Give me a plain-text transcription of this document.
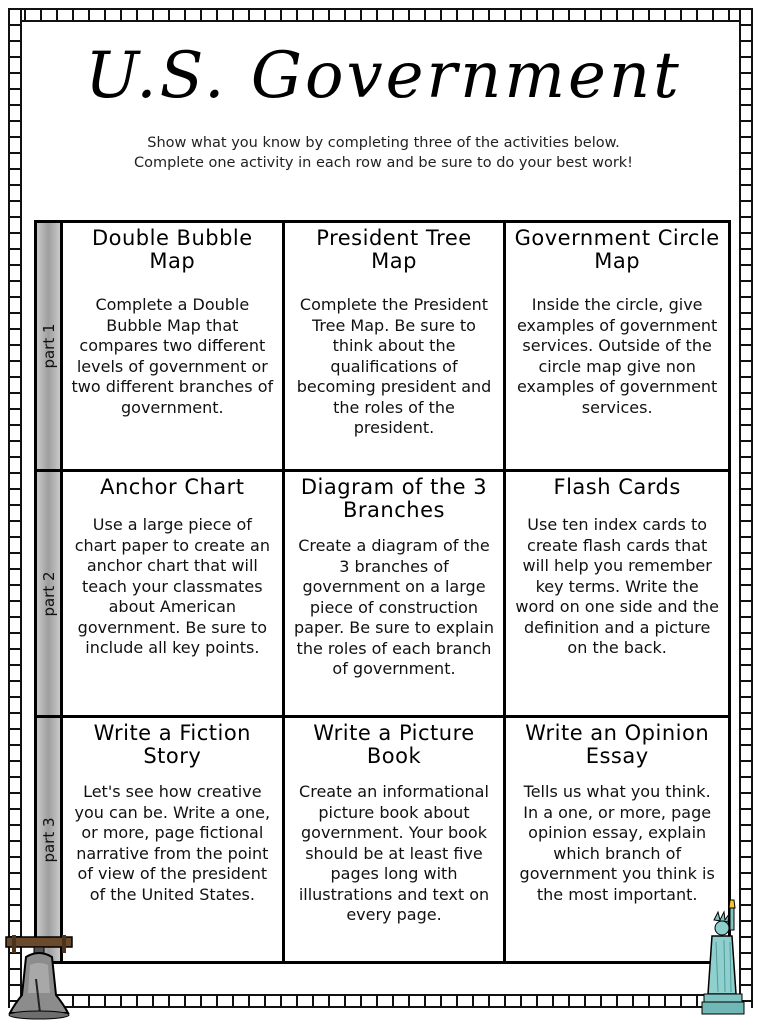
U.S. Government
Show what you know by completing three of the activities below.
Complete one activity in each row and be sure to do your best work!
part 1
Double Bubble Map

Complete a Double Bubble Map that compares two different levels of government or two different branches of government.

President Tree Map

Complete the President Tree Map. Be sure to think about the qualifications of becoming president and the roles of the president.

Government Circle Map

Inside the circle, give examples of government services. Outside of the circle map give non examples of government services.

part 2
Anchor Chart

Use a large piece of chart paper to create an anchor chart that will teach your classmates about American government. Be sure to include all key points.

Diagram of the 3 Branches

Create a diagram of the 3 branches of government on a large piece of construction paper. Be sure to explain the roles of each branch of government.

Flash Cards

Use ten index cards to create flash cards that will help you remember key terms. Write the word on one side and the definition and a picture on the back.

part 3
Write a Fiction Story

Let's see how creative you can be. Write a one, or more, page fictional narrative from the point of view of the president of the United States.

Write a Picture Book

Create an informational picture book about government. Your book should be at least five pages long with illustrations and text on every page.

Write an Opinion Essay

Tells us what you think. In a one, or more, page opinion essay, explain which branch of government you think is the most important.
